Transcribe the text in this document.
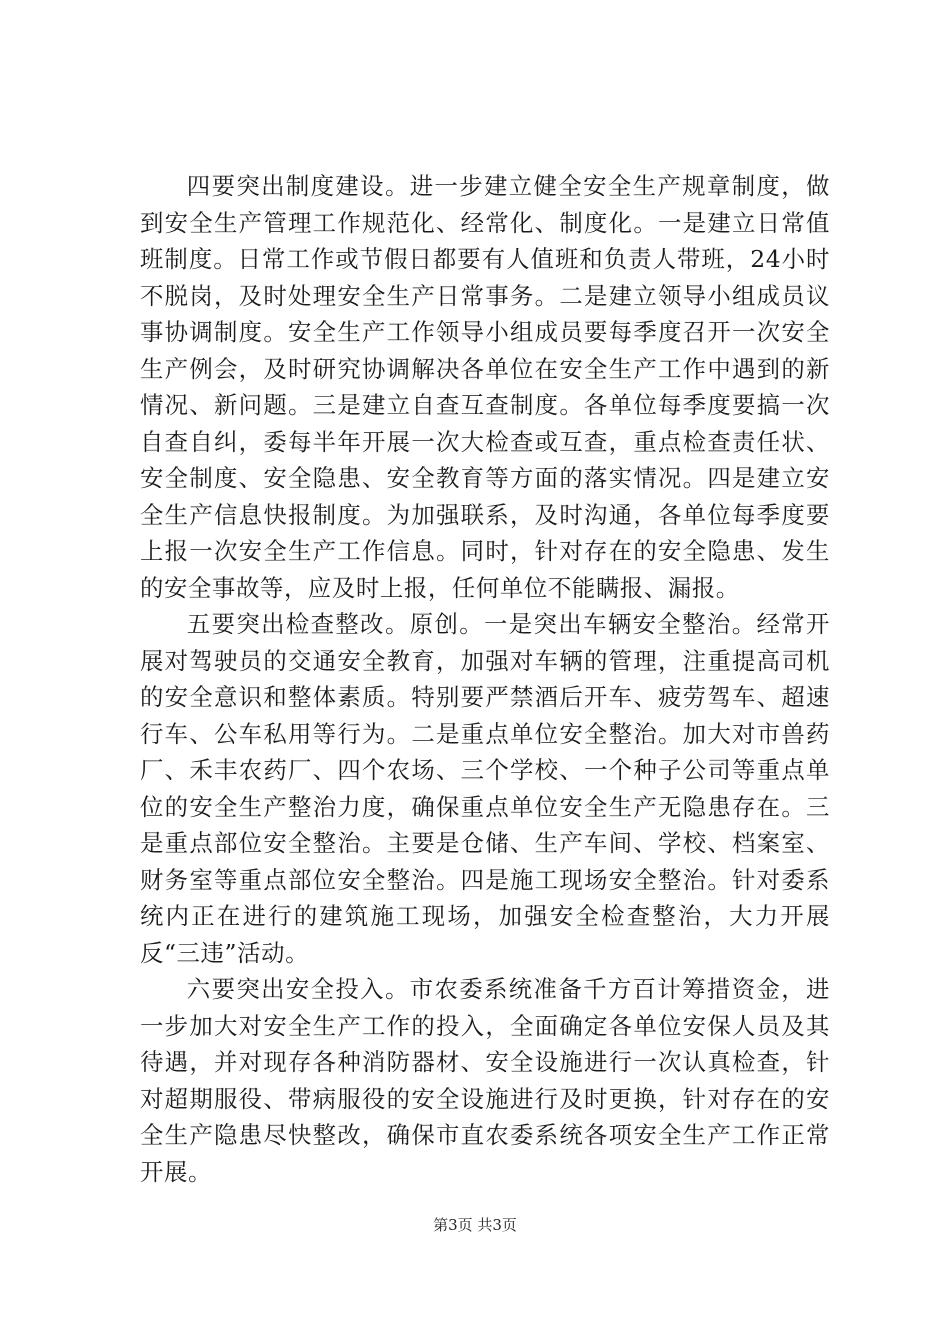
四要突出制度建设。进一步建立健全安全生产规章制度，做到安全生产管理工作规范化、经常化、制度化。一是建立日常值班制度。日常工作或节假日都要有人值班和负责人带班，24小时不脱岗，及时处理安全生产日常事务。二是建立领导小组成员议事协调制度。安全生产工作领导小组成员要每季度召开一次安全生产例会，及时研究协调解决各单位在安全生产工作中遇到的新情况、新问题。三是建立自查互查制度。各单位每季度要搞一次自查自纠，委每半年开展一次大检查或互查，重点检查责任状、安全制度、安全隐患、安全教育等方面的落实情况。四是建立安全生产信息快报制度。为加强联系，及时沟通，各单位每季度要上报一次安全生产工作信息。同时，针对存在的安全隐患、发生的安全事故等，应及时上报，任何单位不能瞒报、漏报。

五要突出检查整改。原创。一是突出车辆安全整治。经常开展对驾驶员的交通安全教育，加强对车辆的管理，注重提高司机的安全意识和整体素质。特别要严禁酒后开车、疲劳驾车、超速行车、公车私用等行为。二是重点单位安全整治。加大对市兽药厂、禾丰农药厂、四个农场、三个学校、一个种子公司等重点单位的安全生产整治力度，确保重点单位安全生产无隐患存在。三是重点部位安全整治。主要是仓储、生产车间、学校、档案室、财务室等重点部位安全整治。四是施工现场安全整治。针对委系统内正在进行的建筑施工现场，加强安全检查整治，大力开展反“三违”活动。

六要突出安全投入。市农委系统准备千方百计筹措资金，进一步加大对安全生产工作的投入，全面确定各单位安保人员及其待遇，并对现存各种消防器材、安全设施进行一次认真检查，针对超期服役、带病服役的安全设施进行及时更换，针对存在的安全生产隐患尽快整改，确保市直农委系统各项安全生产工作正常开展。

第3页 共3页
